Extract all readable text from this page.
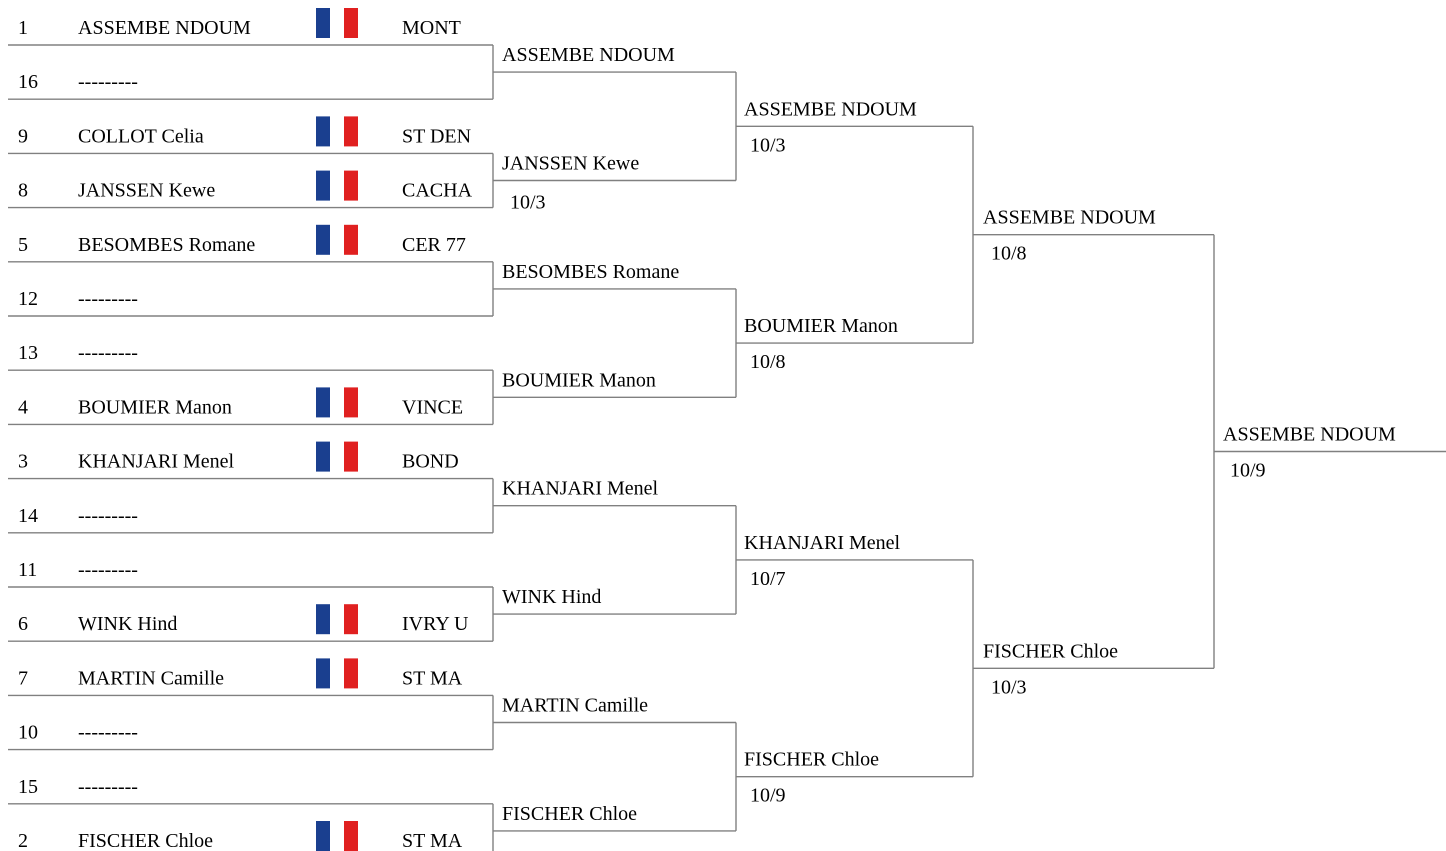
1	ASSEMBE NDOUM	MONT
16 ---------
9	COLLOT Celia	ST DEN
8	JANSSEN Kewe	CACHA
5	BESOMBES Romane	CER 77
12 ---------
13 ---------
4	BOUMIER Manon	VINCE
3	KHANJARI Menel	BOND
14 ---------
11 ---------
6	WINK Hind	IVRY U
7	MARTIN Camille	ST MA
10 ---------
15 ---------
2	FISCHER Chloe	ST MA
ASSEMBE NDOUM
JANSSEN Kewe
10/3
BESOMBES Romane
BOUMIER Manon
KHANJARI Menel
WINK Hind
MARTIN Camille
FISCHER Chloe
ASSEMBE NDOUM
10/3
BOUMIER Manon
10/8
KHANJARI Menel
10/7
FISCHER Chloe
10/9
ASSEMBE NDOUM
10/8
FISCHER Chloe
10/3
ASSEMBE NDOUM
10/9
